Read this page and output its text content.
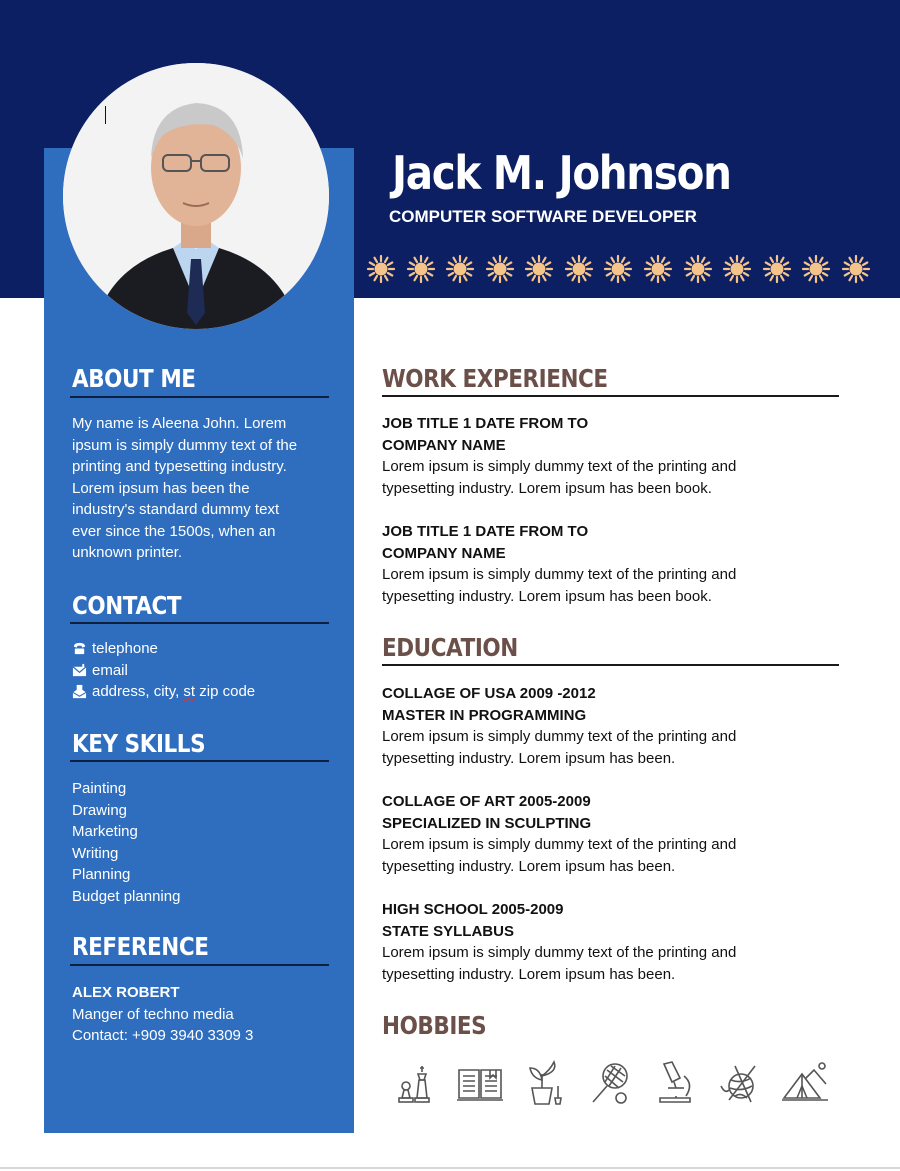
Jack M. Johnson
COMPUTER SOFTWARE DEVELOPER
ABOUT ME
My name is Aleena John. Lorem
ipsum is simply dummy text of the
printing and typesetting industry.
Lorem ipsum has been the
industry's standard dummy text
ever since the 1500s, when an
unknown printer.
CONTACT
telephone
email
address, city, st zip code
KEY SKILLS
Painting
Drawing
Marketing
Writing
Planning
Budget planning
REFERENCE
ALEX ROBERT
Manger of techno media
Contact: +909 3940 3309 3
WORK EXPERIENCE
JOB TITLE 1 DATE FROM TO
COMPANY NAME
Lorem ipsum is simply dummy text of the printing and
typesetting industry. Lorem ipsum has been book.
JOB TITLE 1 DATE FROM TO
COMPANY NAME
Lorem ipsum is simply dummy text of the printing and
typesetting industry. Lorem ipsum has been book.
EDUCATION
COLLAGE OF USA 2009 -2012
MASTER IN PROGRAMMING
Lorem ipsum is simply dummy text of the printing and
typesetting industry. Lorem ipsum has been.
COLLAGE OF ART 2005-2009
SPECIALIZED IN SCULPTING
Lorem ipsum is simply dummy text of the printing and
typesetting industry. Lorem ipsum has been.
HIGH SCHOOL 2005-2009
STATE SYLLABUS
Lorem ipsum is simply dummy text of the printing and
typesetting industry. Lorem ipsum has been.
HOBBIES
